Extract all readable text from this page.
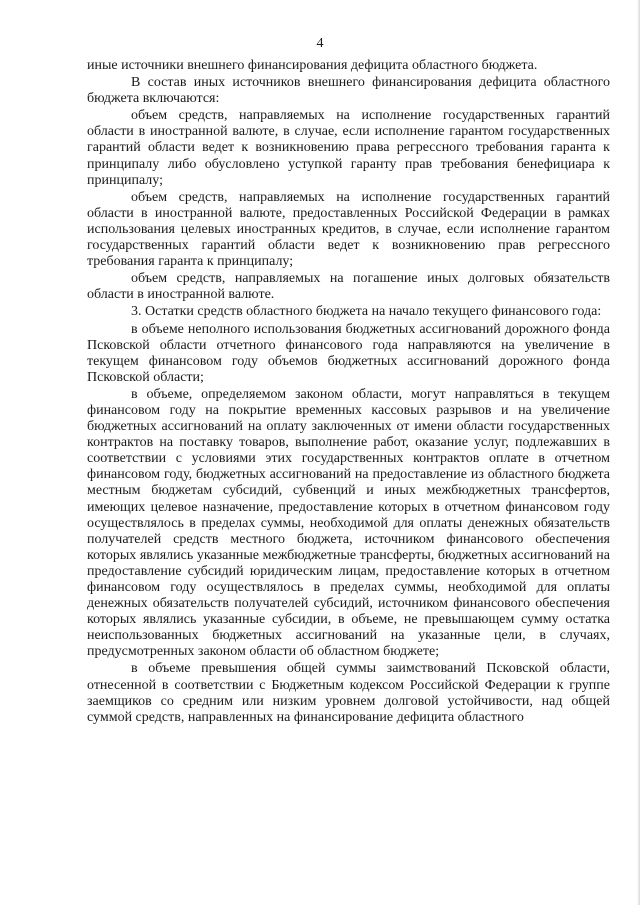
4

иные источники внешнего финансирования дефицита областного бюджета.

В состав иных источников внешнего финансирования дефицита областного бюджета включаются:

объем средств, направляемых на исполнение государственных гарантий области в иностранной валюте, в случае, если исполнение гарантом государственных гарантий области ведет к возникновению права регрессного требования гаранта к принципалу либо обусловлено уступкой гаранту прав требования бенефициара к принципалу;

объем средств, направляемых на исполнение государственных гарантий области в иностранной валюте, предоставленных Российской Федерации в рамках использования целевых иностранных кредитов, в случае, если исполнение гарантом государственных гарантий области ведет к возникновению прав регрессного требования гаранта к принципалу;

объем средств, направляемых на погашение иных долговых обязательств области в иностранной валюте.

3. Остатки средств областного бюджета на начало текущего финансового года:

в объеме неполного использования бюджетных ассигнований дорожного фонда Псковской области отчетного финансового года направляются на увеличение в текущем финансовом году объемов бюджетных ассигнований дорожного фонда Псковской области;

в объеме, определяемом законом области, могут направляться в текущем финансовом году на покрытие временных кассовых разрывов и на увеличение бюджетных ассигнований на оплату заключенных от имени области государственных контрактов на поставку товаров, выполнение работ, оказание услуг, подлежавших в соответствии с условиями этих государственных контрактов оплате в отчетном финансовом году, бюджетных ассигнований на предоставление из областного бюджета местным бюджетам субсидий, субвенций и иных межбюджетных трансфертов, имеющих целевое назначение, предоставление которых в отчетном финансовом году осуществлялось в пределах суммы, необходимой для оплаты денежных обязательств получателей средств местного бюджета, источником финансового обеспечения которых являлись указанные межбюджетные трансферты, бюджетных ассигнований на предоставление субсидий юридическим лицам, предоставление которых в отчетном финансовом году осуществлялось в пределах суммы, необходимой для оплаты денежных обязательств получателей субсидий, источником финансового обеспечения которых являлись указанные субсидии, в объеме, не превышающем сумму остатка неиспользованных бюджетных ассигнований на указанные цели, в случаях, предусмотренных законом области об областном бюджете;

в объеме превышения общей суммы заимствований Псковской области, отнесенной в соответствии с Бюджетным кодексом Российской Федерации к группе заемщиков со средним или низким уровнем долговой устойчивости, над общей суммой средств, направленных на финансирование дефицита областного
